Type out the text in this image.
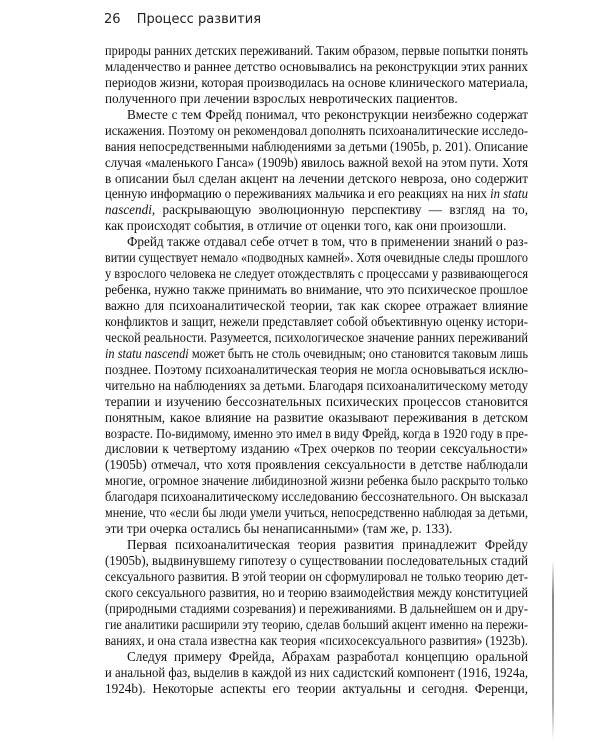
26 Процесс развития
природы ранних детских переживаний. Таким образом, первые попытки понять
младенчество и раннее детство основывались на реконструкции этих ранних
периодов жизни, которая производилась на основе клинического материала,
полученного при лечении взрослых невротических пациентов.
Вместе с тем Фрейд понимал, что реконструкции неизбежно содержат
искажения. Поэтому он рекомендовал дополнять психоаналитические исследо-
вания непосредственными наблюдениями за детьми (1905b, p. 201). Описание
случая «маленького Ганса» (1909b) явилось важной вехой на этом пути. Хотя
в описании был сделан акцент на лечении детского невроза, оно содержит
ценную информацию о переживаниях мальчика и его реакциях на них in statu
nascendi, раскрывающую эволюционную перспективу — взгляд на то,
как происходят события, в отличие от оценки того, как они произошли.
Фрейд также отдавал себе отчет в том, что в применении знаний о раз-
витии существует немало «подводных камней». Хотя очевидные следы прошлого
у взрослого человека не следует отождествлять с процессами у развивающегося
ребенка, нужно также принимать во внимание, что это психическое прошлое
важно для психоаналитической теории, так как скорее отражает влияние
конфликтов и защит, нежели представляет собой объективную оценку истори-
ческой реальности. Разумеется, психологическое значение ранних переживаний
in statu nascendi может быть не столь очевидным; оно становится таковым лишь
позднее. Поэтому психоаналитическая теория не могла основываться исклю-
чительно на наблюдениях за детьми. Благодаря психоаналитическому методу
терапии и изучению бессознательных психических процессов становится
понятным, какое влияние на развитие оказывают переживания в детском
возрасте. По-видимому, именно это имел в виду Фрейд, когда в 1920 году в пре-
дисловии к четвертому изданию «Трех очерков по теории сексуальности»
(1905b) отмечал, что хотя проявления сексуальности в детстве наблюдали
многие, огромное значение либидинозной жизни ребенка было раскрыто только
благодаря психоаналитическому исследованию бессознательного. Он высказал
мнение, что «если бы люди умели учиться, непосредственно наблюдая за детьми,
эти три очерка остались бы ненаписанными» (там же, p. 133).
Первая психоаналитическая теория развития принадлежит Фрейду
(1905b), выдвинувшему гипотезу о существовании последовательных стадий
сексуального развития. В этой теории он сформулировал не только теорию дет-
ского сексуального развития, но и теорию взаимодействия между конституцией
(природными стадиями созревания) и переживаниями. В дальнейшем он и дру-
гие аналитики расширили эту теорию, сделав больший акцент именно на пережи-
ваниях, и она стала известна как теория «психосексуального развития» (1923b).
Следуя примеру Фрейда, Абрахам разработал концепцию оральной
и анальной фаз, выделив в каждой из них садистский компонент (1916, 1924a,
1924b). Некоторые аспекты его теории актуальны и сегодня. Ференци,
